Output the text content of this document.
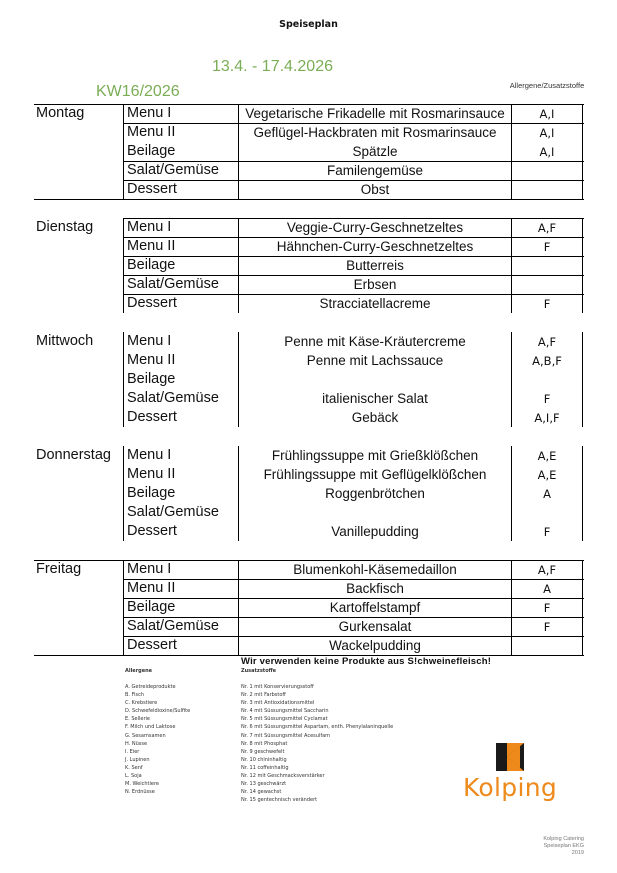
Speiseplan
13.4. - 17.4.2026
KW16/2026	Allergene/Zusatzstoffe
Montag	Menu I	Vegetarische Frikadelle mit Rosmarinsauce	A,I
Menu II	Geflügel-Hackbraten mit Rosmarinsauce	A,I
Beilage	Spätzle	A,I
Salat/Gemüse	Familengemüse
Dessert	Obst
Dienstag Menu I	Veggie-Curry-Geschnetzeltes	A,F
Menu II	Hähnchen-Curry-Geschnetzeltes	F
Beilage	Butterreis
Salat/Gemüse	Erbsen
Dessert	Stracciatellacreme	F
Mittwoch Menu I	Penne mit Käse-Kräutercreme	A,F
Menu II	Penne mit Lachssauce	A,B,F
Beilage
Salat/Gemüse	italienischer Salat	F
Dessert	Gebäck	A,I,F
Donnerstag Menu I	Frühlingssuppe mit Grießklößchen	A,E
Menu II	Frühlingssuppe mit Geflügelklößchen	A,E
Beilage	Roggenbrötchen	A
Salat/Gemüse
Dessert	Vanillepudding	F
Freitag	Menu I	Blumenkohl-Käsemedaillon	A,F
Menu II	Backfisch	A
Beilage	Kartoffelstampf	F
Salat/Gemüse	Gurkensalat	F
Dessert	Wackelpudding
Wir verwenden keine Produkte aus S!chweinefleisch!
Allergene
A. Getreideprodukte
B. Fisch
C. Krebstiere
D. Schwefeldioxine/Sulfite
E. Sellerie
F. Milch und Laktose
G. Sesamsamen
H. Nüsse
I. Eier
J. Lupinen
K. Senf
L. Soja
M. Weichtiere
N. Erdnüsse
Zusatzstoffe
Nr. 1 mit Konservierungsstoff
Nr. 2 mit Farbstoff
Nr. 3 mit Antioxidationsmittel
Nr. 4 mit Süssungsmittel Saccharin
Nr. 5 mit Süssungsmittel Cyclamat
Nr. 6 mit Süssungsmittel Aspartam, enth. Phenylalaninquelle
Nr. 7 mit Süssungsmittel Acesulfam
Nr. 8 mit Phosphat
Nr. 9 geschwefelt
Nr. 10 chininhaltig
Nr. 11 coffeinhaltig
Nr. 12 mit Geschmacksverstärker
Nr. 13 geschwärzt
Nr. 14 gewachst
Nr. 15 gentechnisch verändert	Kolping
Kolping Catering
Speiseplan EKG
2019
